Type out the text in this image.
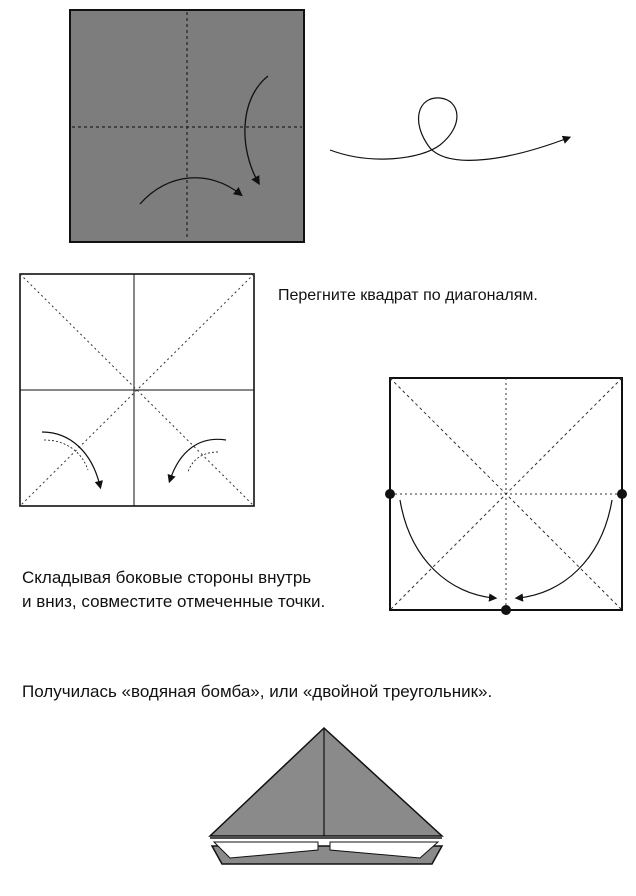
Перегните квадрат по диагоналям.
Складывая боковые стороны внутрь
и вниз, совместите отмеченные точки.
Получилась «водяная бомба», или «двойной треугольник».
